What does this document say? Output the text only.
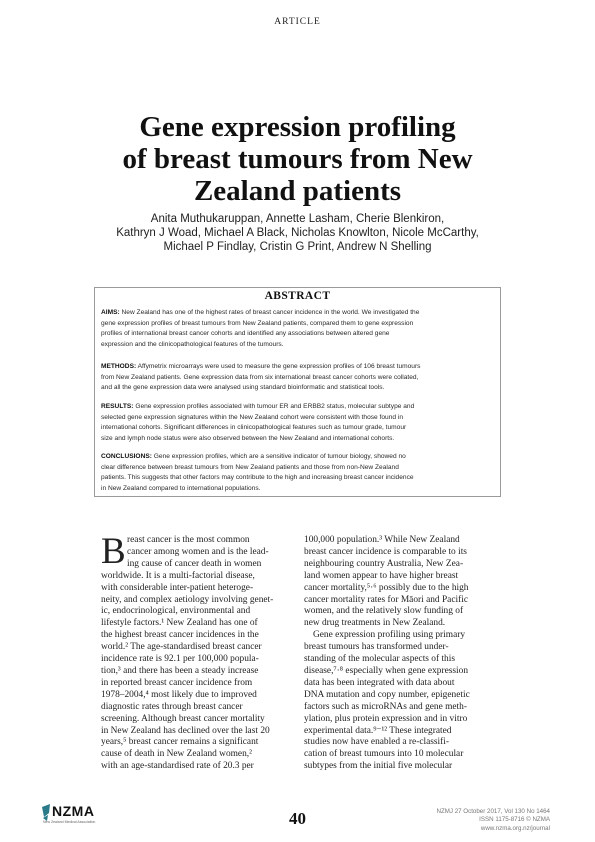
ARTICLE
Gene expression profiling
of breast tumours from New
Zealand patients
Anita Muthukaruppan, Annette Lasham, Cherie Blenkiron,
Kathryn J Woad, Michael A Black, Nicholas Knowlton, Nicole McCarthy,
Michael P Findlay, Cristin G Print, Andrew N Shelling
ABSTRACT
AIMS: New Zealand has one of the highest rates of breast cancer incidence in the world. We investigated the
gene expression profiles of breast tumours from New Zealand patients, compared them to gene expression
profiles of international breast cancer cohorts and identified any associations between altered gene
expression and the clinicopathological features of the tumours.
METHODS: Affymetrix microarrays were used to measure the gene expression profiles of 106 breast tumours
from New Zealand patients. Gene expression data from six international breast cancer cohorts were collated,
and all the gene expression data were analysed using standard bioinformatic and statistical tools.
RESULTS: Gene expression profiles associated with tumour ER and ERBB2 status, molecular subtype and
selected gene expression signatures within the New Zealand cohort were consistent with those found in
international cohorts. Significant differences in clinicopathological features such as tumour grade, tumour
size and lymph node status were also observed between the New Zealand and international cohorts.
CONCLUSIONS: Gene expression profiles, which are a sensitive indicator of tumour biology, showed no
clear difference between breast tumours from New Zealand patients and those from non-New Zealand
patients. This suggests that other factors may contribute to the high and increasing breast cancer incidence
in New Zealand compared to international populations.
B reast cancer is the most common
cancer among women and is the lead-
ing cause of cancer death in women
worldwide. It is a multi-factorial disease,
with considerable inter-patient heteroge-
neity, and complex aetiology involving genet-
ic, endocrinological, environmental and
lifestyle factors.¹ New Zealand has one of
the highest breast cancer incidences in the
world.² The age-standardised breast cancer
incidence rate is 92.1 per 100,000 popula-
tion,³ and there has been a steady increase
in reported breast cancer incidence from
1978–2004,⁴ most likely due to improved
diagnostic rates through breast cancer
screening. Although breast cancer mortality
in New Zealand has declined over the last 20
years,⁵ breast cancer remains a significant
cause of death in New Zealand women,²
with an age-standardised rate of 20.3 per
100,000 population.³ While New Zealand
breast cancer incidence is comparable to its
neighbouring country Australia, New Zea-
land women appear to have higher breast
cancer mortality,⁵·⁶ possibly due to the high
cancer mortality rates for Māori and Pacific
women, and the relatively slow funding of
new drug treatments in New Zealand.
Gene expression profiling using primary
breast tumours has transformed under-
standing of the molecular aspects of this
disease,⁷·⁸ especially when gene expression
data has been integrated with data about
DNA mutation and copy number, epigenetic
factors such as microRNAs and gene meth-
ylation, plus protein expression and in vitro
experimental data.⁹⁻¹² These integrated
studies now have enabled a re-classifi-
cation of breast tumours into 10 molecular
subtypes from the initial five molecular
NZMA
New Zealand Medical Association	40	NZMJ 27 October 2017, Vol 130 No 1464
ISSN 1175-8716 © NZMA
www.nzma.org.nz/journal
